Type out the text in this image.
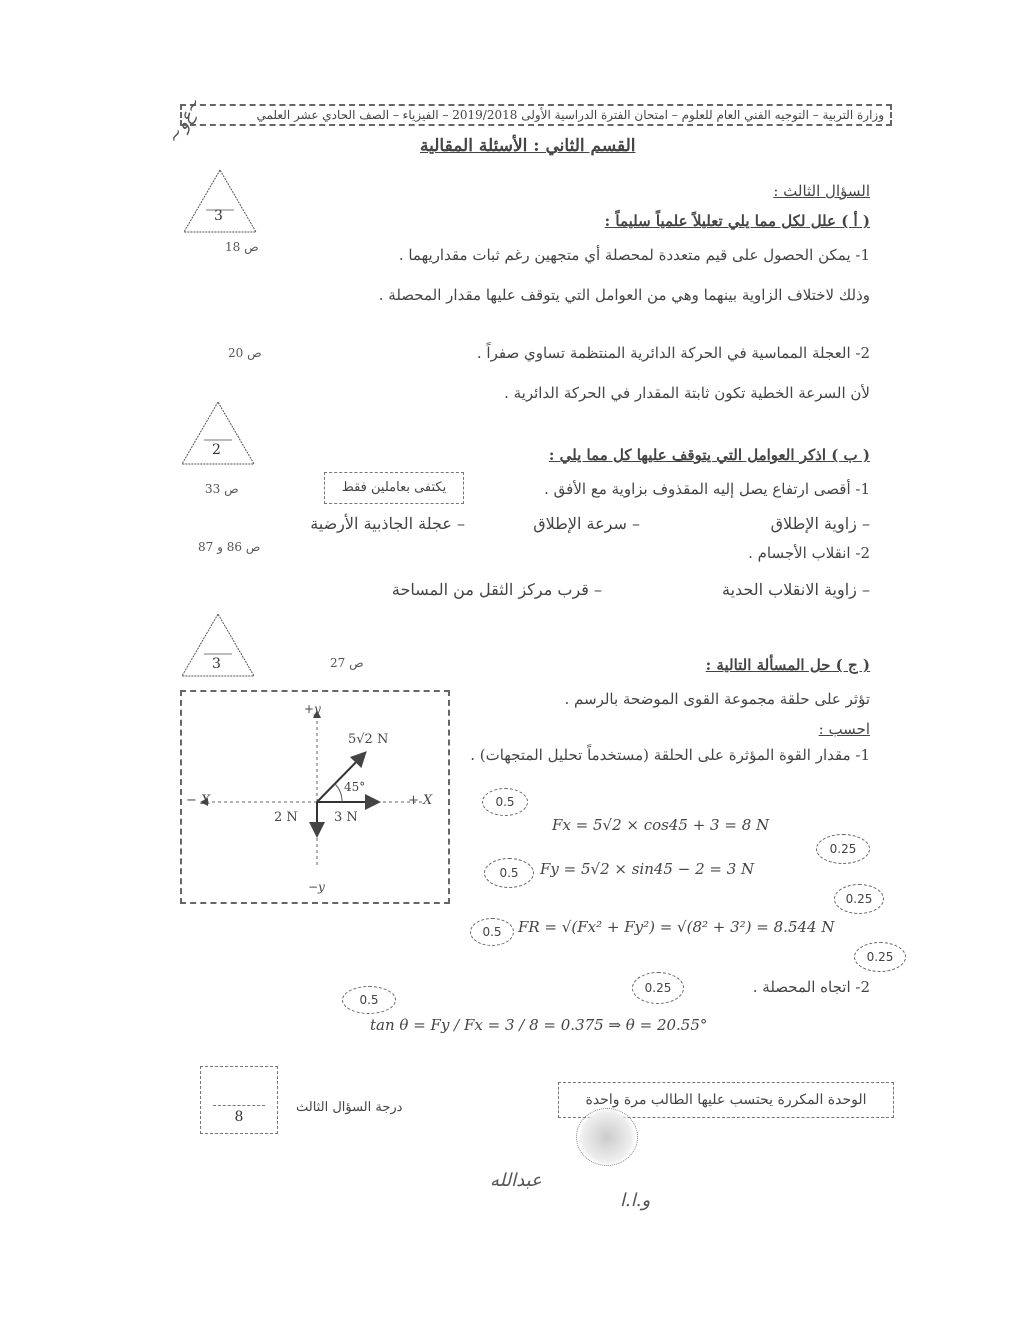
وزارة التربية – التوجيه الفني العام للعلوم – امتحان الفترة الدراسية الأولى 2019/2018 – الفيزياء – الصف الحادي عشر العلمي
القسم الثاني : الأسئلة المقالية
~ﻉﻭ~
السؤال الثالث :
3
2
3
( أ ) علل لكل مما يلي تعليلاً علمياً سليماً :
ص 18	1- يمكن الحصول على قيم متعددة لمحصلة أي متجهين رغم ثبات مقداريهما .
وذلك لاختلاف الزاوية بينهما وهي من العوامل التي يتوقف عليها مقدار المحصلة .
ص 20	2- العجلة المماسية في الحركة الدائرية المنتظمة تساوي صفراً .
لأن السرعة الخطية تكون ثابتة المقدار في الحركة الدائرية .
( ب ) اذكر العوامل التي يتوقف عليها كل مما يلي :
ص 33	يكتفى بعاملين فقط	1- أقصى ارتفاع يصل إليه المقذوف بزاوية مع الأفق .
– زاوية الإطلاق
– سرعة الإطلاق
– عجلة الجاذبية الأرضية
ص 86 و 87	2- انقلاب الأجسام .
– زاوية الانقلاب الحدية
– قرب مركز الثقل من المساحة
ص 27	( ج ) حل المسألة التالية :
تؤثر على حلقة مجموعة القوى الموضحة بالرسم .
احسب :
1- مقدار القوة المؤثرة على الحلقة (مستخدماً تحليل المتجهات) .
+y
−y
+ X
− X
5√2 N
45°
2 N	3 N
0.5
Fx = 5√2 × cos45 + 3 = 8 N
0.25
0.5	Fy = 5√2 × sin45 − 2 = 3 N
0.25
0.5	FR = √(Fx² + Fy²) = √(8² + 3²) = 8.544 N
0.25
2- اتجاه المحصلة .
0.25
0.5
tan θ = Fy / Fx = 3 / 8 = 0.375 ⇒ θ = 20.55°
8
درجة السؤال الثالث	الوحدة المكررة يحتسب عليها الطالب مرة واحدة
ﻋﺒﺪﺍﻟﻠﻪ
ﻭ.ﺍ.ﺍ
